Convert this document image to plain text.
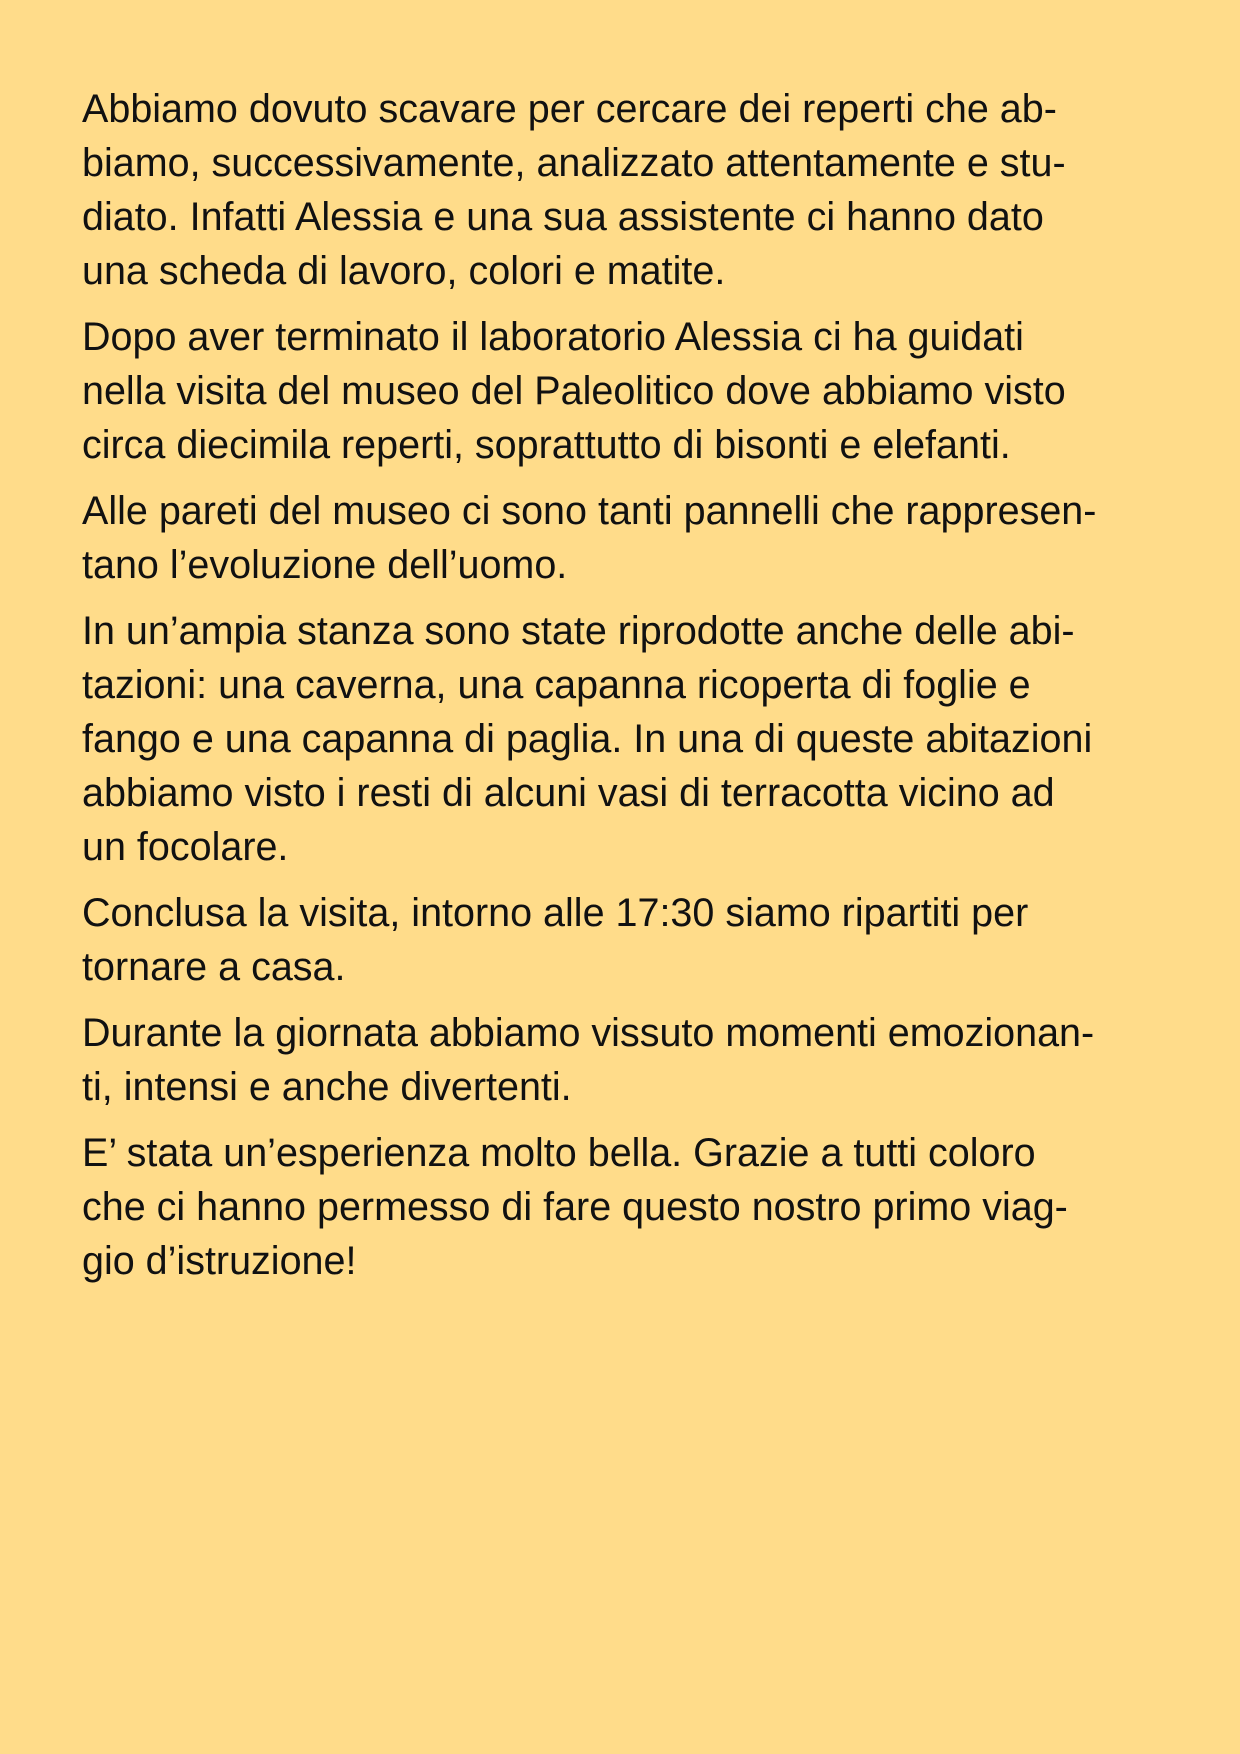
Abbiamo dovuto scavare per cercare dei reperti che ab-
biamo, successivamente, analizzato attentamente e stu-
diato. Infatti Alessia e una sua assistente ci hanno dato
una scheda di lavoro, colori e matite.

Dopo aver terminato il laboratorio Alessia ci ha guidati
nella visita del museo del Paleolitico dove abbiamo visto
circa diecimila reperti, soprattutto di bisonti e elefanti.

Alle pareti del museo ci sono tanti pannelli che rappresen-
tano l’evoluzione dell’uomo.

In un’ampia stanza sono state riprodotte anche delle abi-
tazioni: una caverna, una capanna ricoperta di foglie e
fango e una capanna di paglia. In una di queste abitazioni
abbiamo visto i resti di alcuni vasi di terracotta vicino ad
un focolare.

Conclusa la visita, intorno alle 17:30 siamo ripartiti per
tornare a casa.

Durante la giornata abbiamo vissuto momenti emozionan-
ti, intensi e anche divertenti.

E’ stata un’esperienza molto bella. Grazie a tutti coloro
che ci hanno permesso di fare questo nostro primo viag-
gio d’istruzione!
